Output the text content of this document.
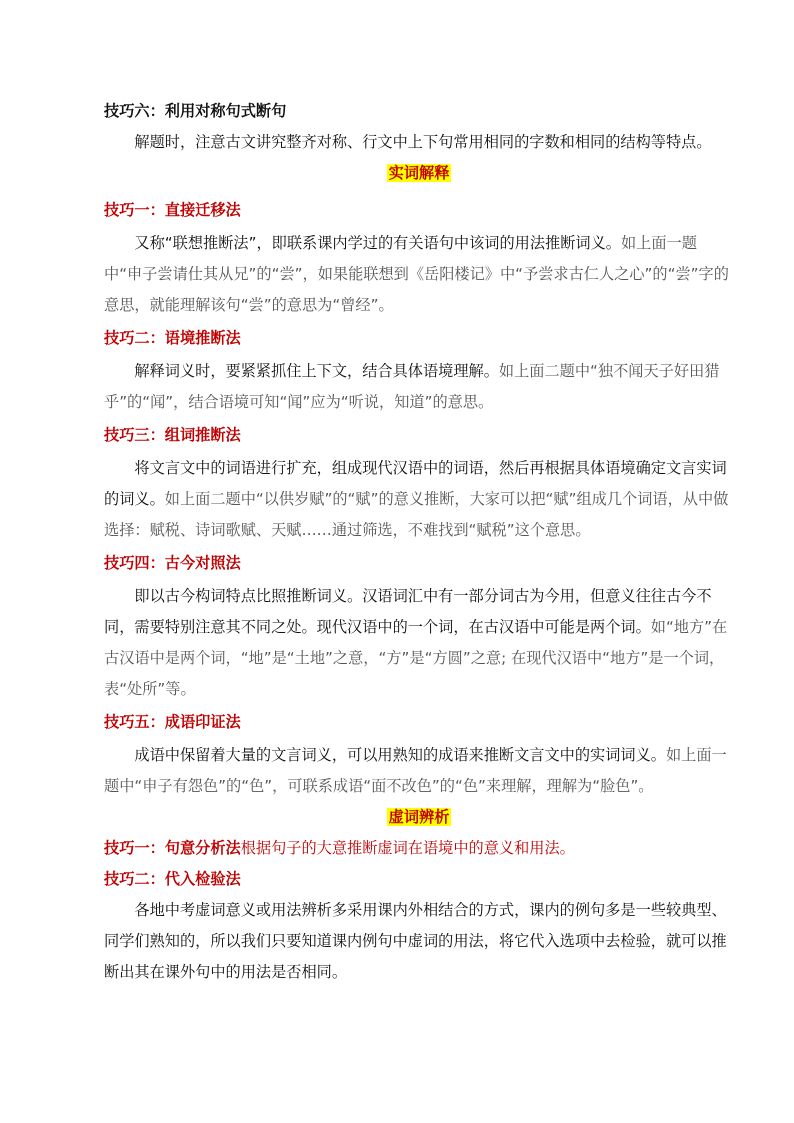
技巧六：利用对称句式断句

解题时，注意古文讲究整齐对称、行文中上下句常用相同的字数和相同的结构等特点。

实词解释

技巧一：直接迁移法

又称“联想推断法”，即联系课内学过的有关语句中该词的用法推断词义。如上面一题中“申子尝请仕其从兄”的“尝”，如果能联想到《岳阳楼记》中“予尝求古仁人之心”的“尝”字的意思，就能理解该句“尝”的意思为“曾经”。

技巧二：语境推断法

解释词义时，要紧紧抓住上下文，结合具体语境理解。如上面二题中“独不闻天子好田猎乎”的“闻”，结合语境可知“闻”应为“听说，知道”的意思。

技巧三：组词推断法

将文言文中的词语进行扩充，组成现代汉语中的词语，然后再根据具体语境确定文言实词的词义。如上面二题中“以供岁赋”的“赋”的意义推断，大家可以把“赋”组成几个词语，从中做选择：赋税、诗词歌赋、天赋……通过筛选，不难找到“赋税”这个意思。

技巧四：古今对照法

即以古今构词特点比照推断词义。汉语词汇中有一部分词古为今用，但意义往往古今不同，需要特别注意其不同之处。现代汉语中的一个词，在古汉语中可能是两个词。如“地方”在古汉语中是两个词，“地”是“土地”之意，“方”是“方圆”之意; 在现代汉语中“地方”是一个词，表“处所”等。

技巧五：成语印证法

成语中保留着大量的文言词义，可以用熟知的成语来推断文言文中的实词词义。如上面一题中“申子有怨色”的“色”，可联系成语“面不改色”的“色”来理解，理解为“脸色”。

虚词辨析

技巧一：句意分析法根据句子的大意推断虚词在语境中的意义和用法。

技巧二：代入检验法

各地中考虚词意义或用法辨析多采用课内外相结合的方式，课内的例句多是一些较典型、同学们熟知的，所以我们只要知道课内例句中虚词的用法，将它代入选项中去检验，就可以推断出其在课外句中的用法是否相同。
